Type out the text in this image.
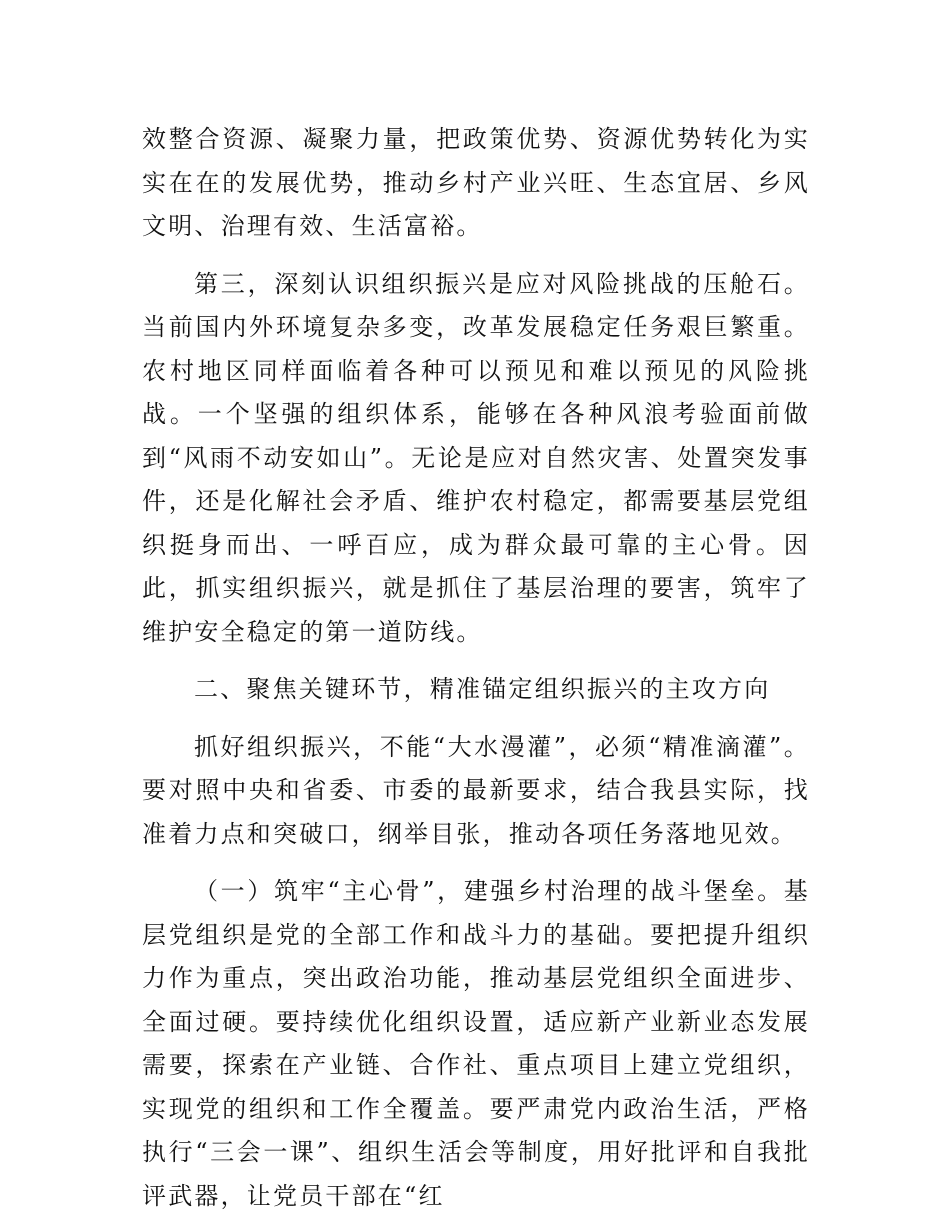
效整合资源、凝聚力量，把政策优势、资源优势转化为实实在在的发展优势，推动乡村产业兴旺、生态宜居、乡风文明、治理有效、生活富裕。

第三，深刻认识组织振兴是应对风险挑战的压舱石。当前国内外环境复杂多变，改革发展稳定任务艰巨繁重。农村地区同样面临着各种可以预见和难以预见的风险挑战。一个坚强的组织体系，能够在各种风浪考验面前做到“风雨不动安如山”。无论是应对自然灾害、处置突发事件，还是化解社会矛盾、维护农村稳定，都需要基层党组织挺身而出、一呼百应，成为群众最可靠的主心骨。因此，抓实组织振兴，就是抓住了基层治理的要害，筑牢了维护安全稳定的第一道防线。

二、聚焦关键环节，精准锚定组织振兴的主攻方向

抓好组织振兴，不能“大水漫灌”，必须“精准滴灌”。要对照中央和省委、市委的最新要求，结合我县实际，找准着力点和突破口，纲举目张，推动各项任务落地见效。

（一）筑牢“主心骨”，建强乡村治理的战斗堡垒。基层党组织是党的全部工作和战斗力的基础。要把提升组织力作为重点，突出政治功能，推动基层党组织全面进步、全面过硬。要持续优化组织设置，适应新产业新业态发展需要，探索在产业链、合作社、重点项目上建立党组织，实现党的组织和工作全覆盖。要严肃党内政治生活，严格执行“三会一课”、组织生活会等制度，用好批评和自我批评武器，让党员干部在“红
